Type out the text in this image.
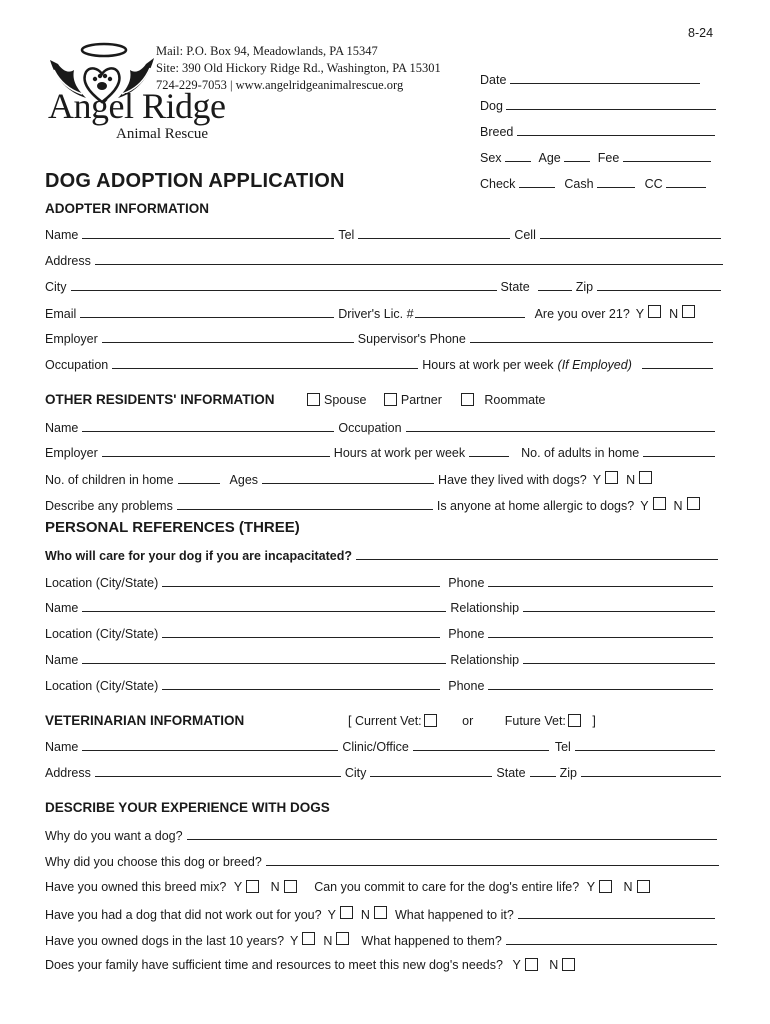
8-24
Angel Ridge
Animal Rescue
Mail: P.O. Box 94, Meadowlands, PA 15347
Site: 390 Old Hickory Ridge Rd., Washington, PA 15301
724-229-7053 | www.angelridgeanimalrescue.org	Date
Dog
Breed
Sex	Age	Fee
Check	Cash	CC
DOG ADOPTION APPLICATION
ADOPTER INFORMATION
Name	Tel	Cell
Address
City	State	Zip
Email	Driver's Lic. #	Are you over 21? Y N
Employer	Supervisor's Phone
Occupation	Hours at work per week (If Employed)
OTHER RESIDENTS' INFORMATION	Spouse	Partner	Roommate
Name	Occupation
Employer	Hours at work per week	No. of adults in home
No. of children in home	Ages	Have they lived with dogs? Y N
Describe any problems	Is anyone at home allergic to dogs? Y N
PERSONAL REFERENCES (THREE)
Who will care for your dog if you are incapacitated?
Location (City/State)	Phone
Name	Relationship
Location (City/State)	Phone
Name	Relationship
Location (City/State)	Phone
VETERINARIAN INFORMATION	[ Current Vet:	or	Future Vet: ]
Name	Clinic/Office	Tel
Address	City	State	Zip
DESCRIBE YOUR EXPERIENCE WITH DOGS
Why do you want a dog?
Why did you choose this dog or breed?
Have you owned this breed mix? Y N	Can you commit to care for the dog's entire life? Y N
Have you had a dog that did not work out for you? Y N What happened to it?
Have you owned dogs in the last 10 years? Y N What happened to them?
Does your family have sufficient time and resources to meet this new dog's needs? Y N
